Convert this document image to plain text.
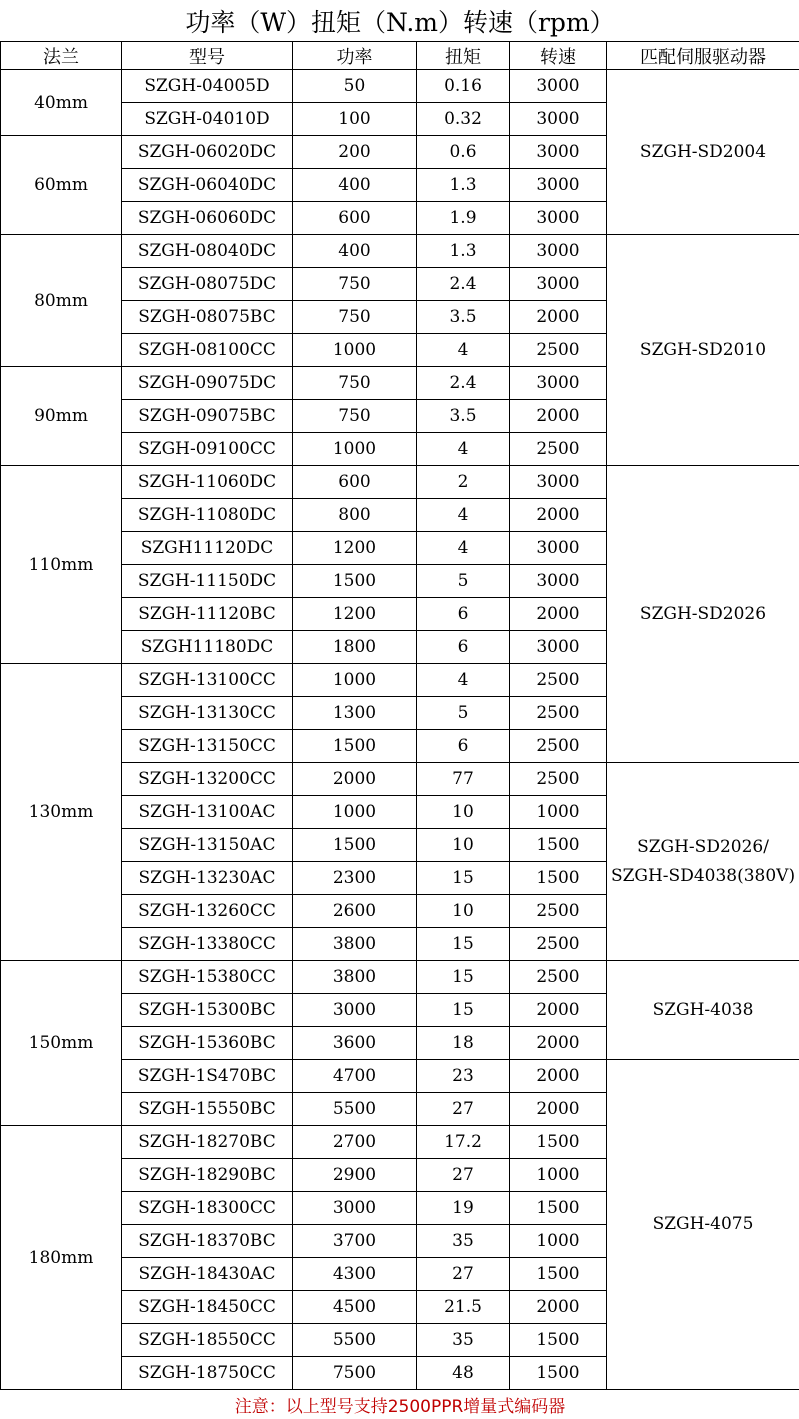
功率（W）扭矩（N.m）转速（rpm）					
法兰	型号	功率	扭矩	转速	匹配伺服驱动器
40mm	SZGH-04005D	50	0.16	3000	SZGH-SD2004

	SZGH-04010D	100	0.32	3000	
60mm	SZGH-06020DC	200	0.6	3000	
	SZGH-06040DC	400	1.3	3000	
	SZGH-06060DC	600	1.9	3000	
80mm	SZGH-08040DC	400	1.3	3000	SZGH-SD2010

	SZGH-08075DC	750	2.4	3000	
	SZGH-08075BC	750	3.5	2000	
	SZGH-08100CC	1000	4	2500	
90mm	SZGH-09075DC	750	2.4	3000	
	SZGH-09075BC	750	3.5	2000	
	SZGH-09100CC	1000	4	2500	
110mm	SZGH-11060DC	600	2	3000	SZGH-SD2026

	SZGH-11080DC	800	4	2000	
	SZGH11120DC	1200	4	3000	
	SZGH-11150DC	1500	5	3000	
	SZGH-11120BC	1200	6	2000	
	SZGH11180DC	1800	6	3000	
130mm	SZGH-13100CC	1000	4	2500	
	SZGH-13130CC	1300	5	2500	
	SZGH-13150CC	1500	6	2500	
	SZGH-13200CC	2000	77	2500	SZGH-SD2026/
SZGH-SD4038(380V)

	SZGH-13100AC	1000	10	1000	
	SZGH-13150AC	1500	10	1500	
	SZGH-13230AC	2300	15	1500	
	SZGH-13260CC	2600	10	2500	
	SZGH-13380CC	3800	15	2500	
150mm	SZGH-15380CC	3800	15	2500	SZGH-4038

	SZGH-15300BC	3000	15	2000	
	SZGH-15360BC	3600	18	2000	
	SZGH-1S470BC	4700	23	2000	SZGH-4075

	SZGH-15550BC	5500	27	2000	
180mm	SZGH-18270BC	2700	17.2	1500	
	SZGH-18290BC	2900	27	1000	
	SZGH-18300CC	3000	19	1500	
	SZGH-18370BC	3700	35	1000	
	SZGH-18430AC	4300	27	1500	
	SZGH-18450CC	4500	21.5	2000	
	SZGH-18550CC	5500	35	1500	
	SZGH-18750CC	7500	48	1500	
注意：以上型号支持2500PPR增量式编码器					
